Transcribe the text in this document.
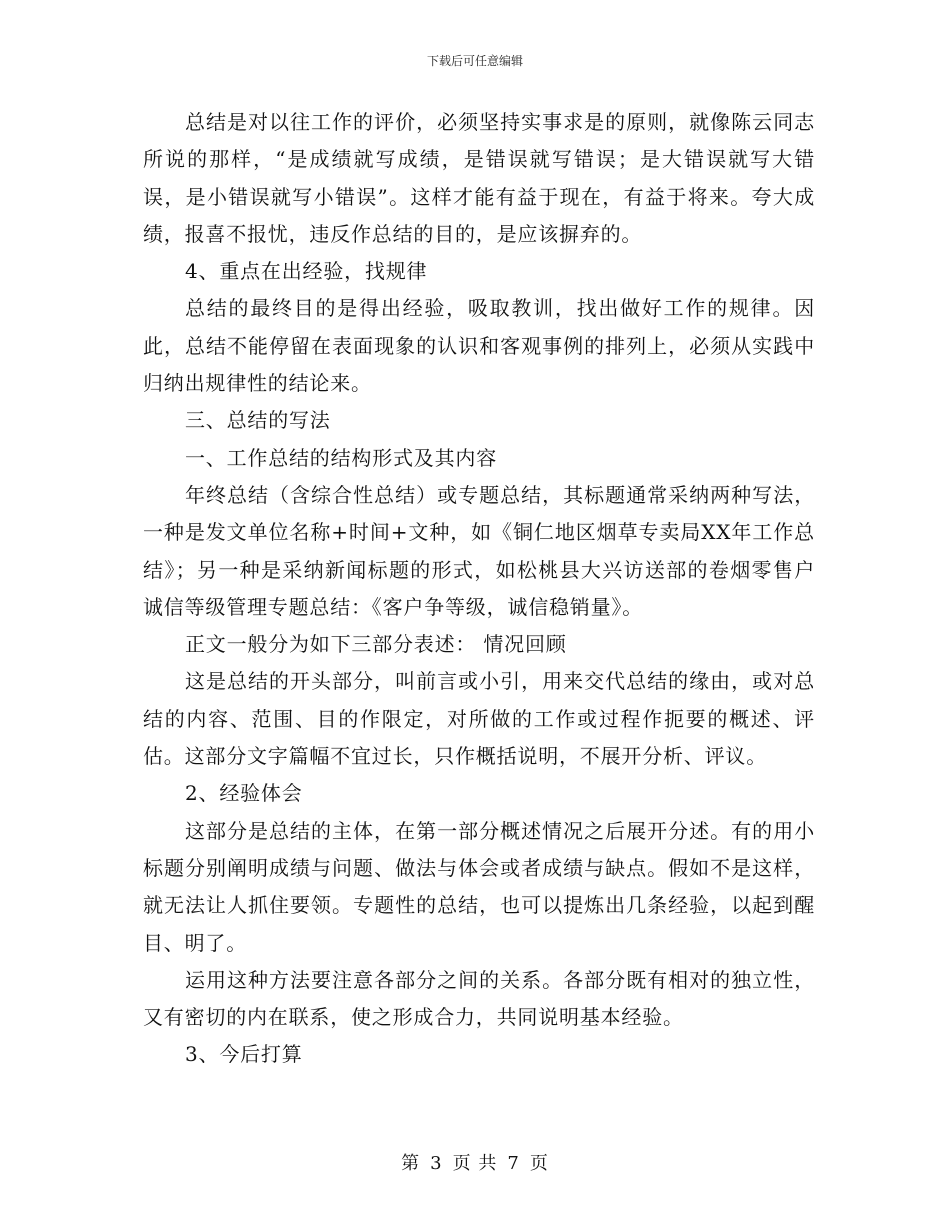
下载后可任意编辑

总结是对以往工作的评价，必须坚持实事求是的原则，就像陈云同志所说的那样，“是成绩就写成绩，是错误就写错误；是大错误就写大错误，是小错误就写小错误”。这样才能有益于现在，有益于将来。夸大成绩，报喜不报忧，违反作总结的目的，是应该摒弃的。

4、重点在出经验，找规律

总结的最终目的是得出经验，吸取教训，找出做好工作的规律。因此，总结不能停留在表面现象的认识和客观事例的排列上，必须从实践中归纳出规律性的结论来。

三、总结的写法

一、工作总结的结构形式及其内容

年终总结（含综合性总结）或专题总结，其标题通常采纳两种写法，一种是发文单位名称+时间+文种，如《铜仁地区烟草专卖局XX年工作总结》；另一种是采纳新闻标题的形式，如松桃县大兴访送部的卷烟零售户诚信等级管理专题总结：《客户争等级，诚信稳销量》。

正文一般分为如下三部分表述： 情况回顾

这是总结的开头部分，叫前言或小引，用来交代总结的缘由，或对总结的内容、范围、目的作限定，对所做的工作或过程作扼要的概述、评估。这部分文字篇幅不宜过长，只作概括说明，不展开分析、评议。

2、经验体会

这部分是总结的主体，在第一部分概述情况之后展开分述。有的用小标题分别阐明成绩与问题、做法与体会或者成绩与缺点。假如不是这样，就无法让人抓住要领。专题性的总结，也可以提炼出几条经验，以起到醒目、明了。

运用这种方法要注意各部分之间的关系。各部分既有相对的独立性，又有密切的内在联系，使之形成合力，共同说明基本经验。

3、今后打算

第 3 页 共 7 页
